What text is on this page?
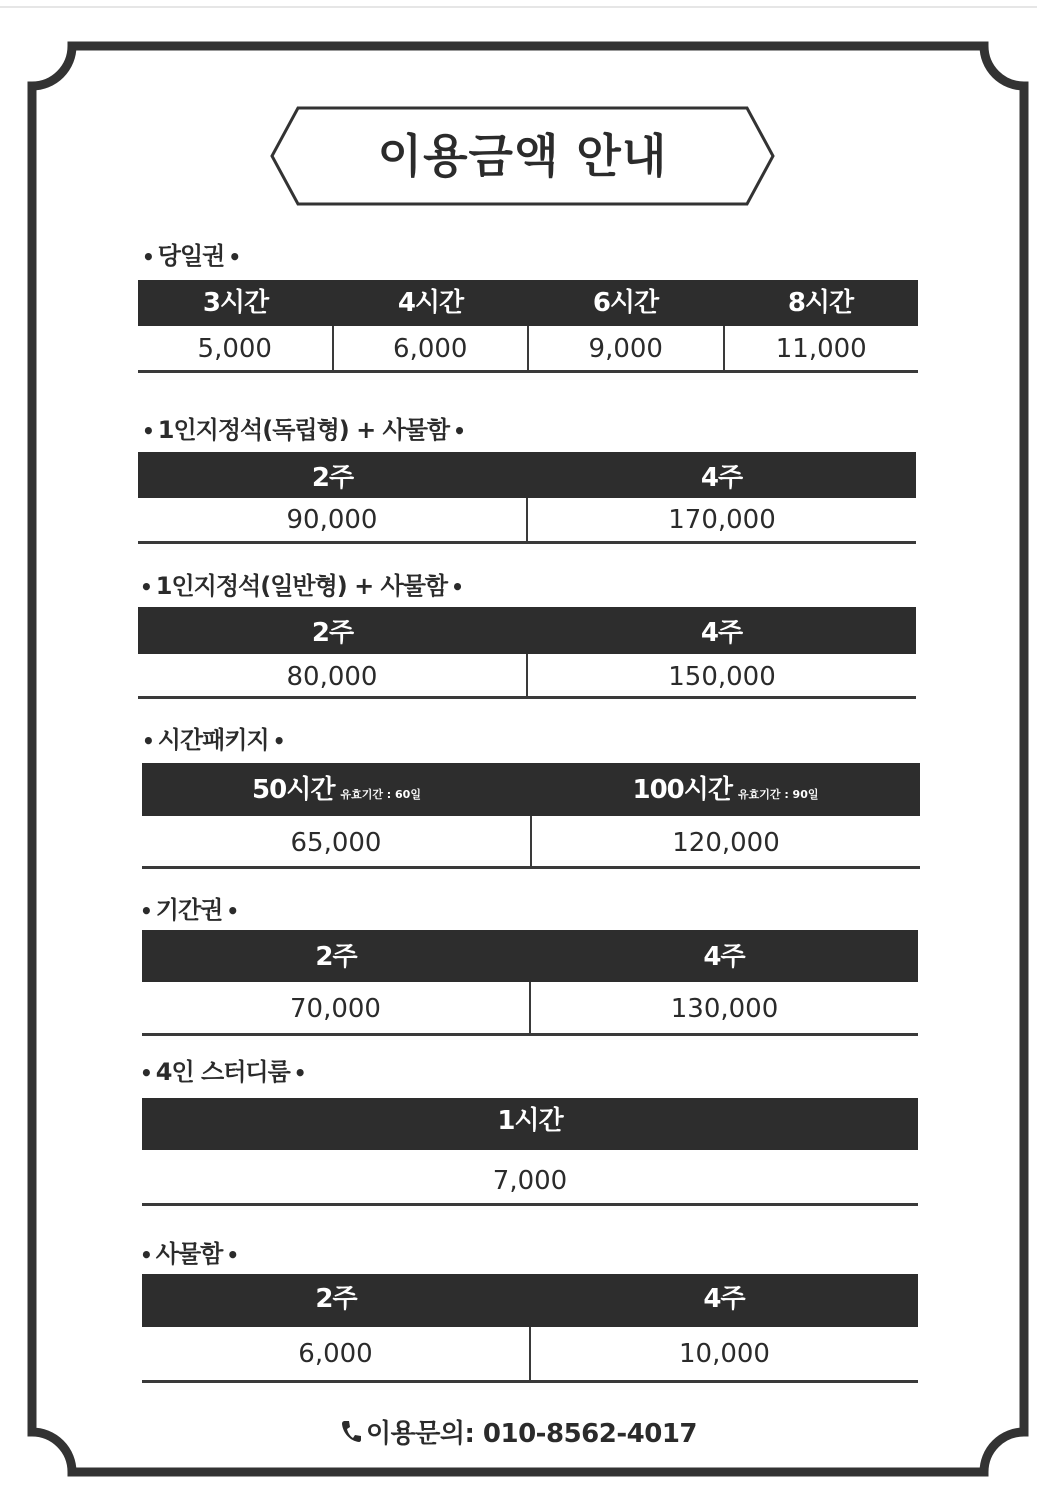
이용금액 안내
• 당일권 •
3시간	4시간	6시간	8시간
5,000	6,000	9,000	11,000
• 1인지정석(독립형) + 사물함 •
2주	4주
90,000	170,000
• 1인지정석(일반형) + 사물함 •
2주	4주
80,000	150,000
• 시간패키지 •
50시간 유효기간 : 60일	100시간 유효기간 : 90일
65,000	120,000
• 기간권 •
2주	4주
70,000	130,000
• 4인 스터디룸 •
1시간
7,000
• 사물함 •
2주	4주
6,000	10,000
이용문의: 010-8562-4017
